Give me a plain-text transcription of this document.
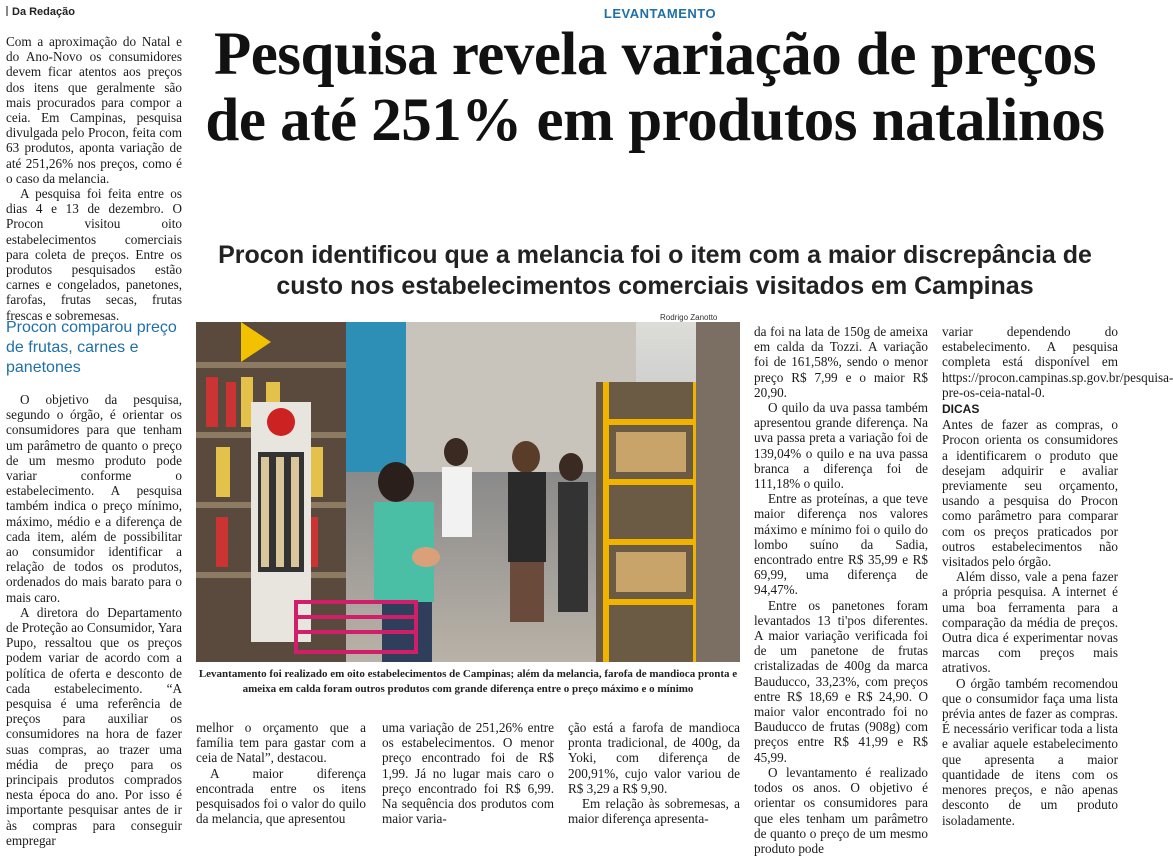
Da Redação	LEVANTAMENTO
Pesquisa revela variação de preços de até 251% em produtos natalinos
Procon identificou que a melancia foi o item com a maior discrepância de custo nos estabelecimentos comerciais visitados em Campinas

Com a aproximação do Natal e do Ano-Novo os consumidores devem ficar atentos aos preços dos itens que geralmente são mais procurados para compor a ceia. Em Campinas, pesquisa divulgada pelo Procon, feita com 63 produtos, aponta variação de até 251,26% nos preços, como é o caso da melancia.

A pesquisa foi feita entre os dias 4 e 13 de dezembro. O Procon visitou oito estabelecimentos comerciais para coleta de preços. Entre os produtos pesquisados estão carnes e congelados, panetones, farofas, frutas secas, frutas frescas e sobremesas.

Procon comparou preço de frutas, carnes e panetones

O objetivo da pesquisa, segundo o órgão, é orientar os consumidores para que tenham um parâmetro de quanto o preço de um mesmo produto pode variar conforme o estabelecimento. A pesquisa também indica o preço mínimo, máximo, médio e a diferença de cada item, além de possibilitar ao consumidor identificar a relação de todos os produtos, ordenados do mais barato para o mais caro.

A diretora do Departamento de Proteção ao Consumidor, Yara Pupo, ressaltou que os preços podem variar de acordo com a política de oferta e desconto de cada estabelecimento. “A pesquisa é uma referência de preços para auxiliar os consumidores na hora de fazer suas compras, ao trazer uma média de preço para os principais produtos comprados nesta época do ano. Por isso é importante pesquisar antes de ir às compras para conseguir empregar

Rodrigo Zanotto
Levantamento foi realizado em oito estabelecimentos de Campinas; além da melancia, farofa de mandioca pronta e ameixa em calda foram outros produtos com grande diferença entre o preço máximo e o mínimo

melhor o orçamento que a família tem para gastar com a ceia de Natal”, destacou.

A maior diferença encontrada entre os itens pesquisados foi o valor do quilo da melancia, que apresentou

uma variação de 251,26% entre os estabelecimentos. O menor preço encontrado foi de R$ 1,99. Já no lugar mais caro o preço encontrado foi R$ 6,99. Na sequência dos produtos com maior varia-

ção está a farofa de mandioca pronta tradicional, de 400g, da Yoki, com diferença de 200,91%, cujo valor variou de R$ 3,29 a R$ 9,90.

Em relação às sobremesas, a maior diferença apresenta-

da foi na lata de 150g de ameixa em calda da Tozzi. A variação foi de 161,58%, sendo o menor preço R$ 7,99 e o maior R$ 20,90.

O quilo da uva passa também apresentou grande diferença. Na uva passa preta a variação foi de 139,04% o quilo e na uva passa branca a diferença foi de 111,18% o quilo.

Entre as proteínas, a que teve maior diferença nos valores máximo e mínimo foi o quilo do lombo suíno da Sadia, encontrado entre R$ 35,99 e R$ 69,99, uma diferença de 94,47%.

Entre os panetones foram levantados 13 ti'pos diferentes. A maior variação verificada foi de um panetone de frutas cristalizadas de 400g da marca Bauducco, 33,23%, com preços entre R$ 18,69 e R$ 24,90. O maior valor encontrado foi no Bauducco de frutas (908g) com preços entre R$ 41,99 e R$ 45,99.

O levantamento é realizado todos os anos. O objetivo é orientar os consumidores para que eles tenham um parâmetro de quanto o preço de um mesmo produto pode

variar dependendo do estabelecimento. A pesquisa completa está disponível em https://procon.campinas.sp.gov.br/pesquisa-pre-os-ceia-natal-0.

DICAS

Antes de fazer as compras, o Procon orienta os consumidores a identificarem o produto que desejam adquirir e avaliar previamente seu orçamento, usando a pesquisa do Procon como parâmetro para comparar com os preços praticados por outros estabelecimentos não visitados pelo órgão.

Além disso, vale a pena fazer a própria pesquisa. A internet é uma boa ferramenta para a comparação da média de preços. Outra dica é experimentar novas marcas com preços mais atrativos.

O órgão também recomendou que o consumidor faça uma lista prévia antes de fazer as compras. É necessário verificar toda a lista e avaliar aquele estabelecimento que apresenta a maior quantidade de itens com os menores preços, e não apenas desconto de um produto isoladamente.
